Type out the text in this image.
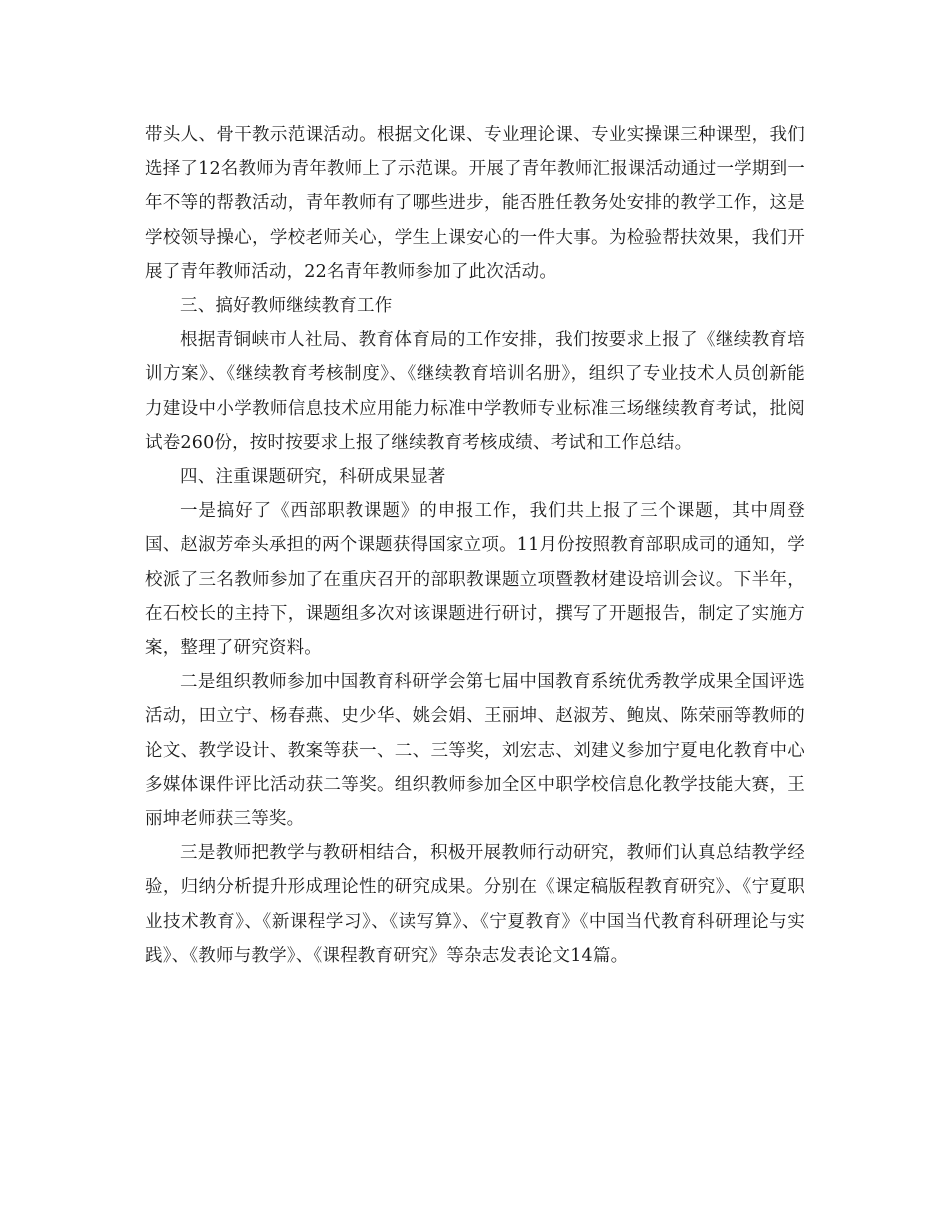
带头人、骨干教示范课活动。根据文化课、专业理论课、专业实操课三种课型，我们选择了12名教师为青年教师上了示范课。开展了青年教师汇报课活动通过一学期到一年不等的帮教活动，青年教师有了哪些进步，能否胜任教务处安排的教学工作，这是学校领导操心，学校老师关心，学生上课安心的一件大事。为检验帮扶效果，我们开展了青年教师活动，22名青年教师参加了此次活动。

三、搞好教师继续教育工作

根据青铜峡市人社局、教育体育局的工作安排，我们按要求上报了《继续教育培训方案》、《继续教育考核制度》、《继续教育培训名册》，组织了专业技术人员创新能力建设中小学教师信息技术应用能力标准中学教师专业标准三场继续教育考试，批阅试卷260份，按时按要求上报了继续教育考核成绩、考试和工作总结。

四、注重课题研究，科研成果显著

一是搞好了《西部职教课题》的申报工作，我们共上报了三个课题，其中周登国、赵淑芳牵头承担的两个课题获得国家立项。11月份按照教育部职成司的通知，学校派了三名教师参加了在重庆召开的部职教课题立项暨教材建设培训会议。下半年，在石校长的主持下，课题组多次对该课题进行研讨，撰写了开题报告，制定了实施方案，整理了研究资料。

二是组织教师参加中国教育科研学会第七届中国教育系统优秀教学成果全国评选活动，田立宁、杨春燕、史少华、姚会娟、王丽坤、赵淑芳、鲍岚、陈荣丽等教师的论文、教学设计、教案等获一、二、三等奖，刘宏志、刘建义参加宁夏电化教育中心多媒体课件评比活动获二等奖。组织教师参加全区中职学校信息化教学技能大赛，王丽坤老师获三等奖。

三是教师把教学与教研相结合，积极开展教师行动研究，教师们认真总结教学经验，归纳分析提升形成理论性的研究成果。分别在《课定稿版程教育研究》、《宁夏职业技术教育》、《新课程学习》、《读写算》、《宁夏教育》《中国当代教育科研理论与实践》、《教师与教学》、《课程教育研究》等杂志发表论文14篇。
